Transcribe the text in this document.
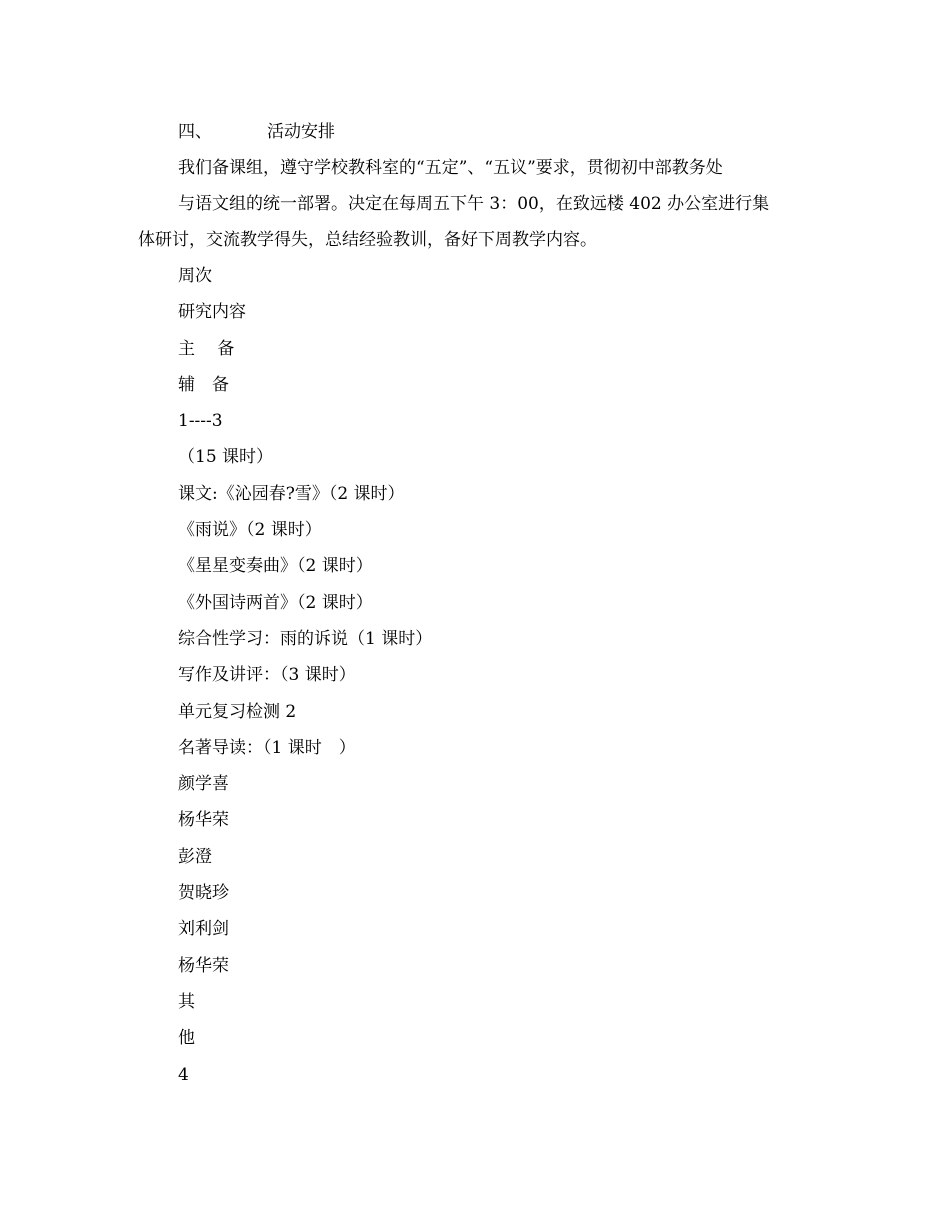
四、	活动安排
我们备课组，遵守学校教科室的“五定”、“五议”要求，贯彻初中部教务处
与语文组的统一部署。决定在每周五下午 3：00，在致远楼 402 办公室进行集
体研讨，交流教学得失，总结经验教训，备好下周教学内容。
周次
研究内容
主　 备
辅　备
1----3
（15 课时）
课文:《沁园春?雪》（2 课时）
《雨说》（2 课时）
《星星变奏曲》（2 课时）
《外国诗两首》（2 课时）
综合性学习：雨的诉说（1 课时）
写作及讲评：（3 课时）
单元复习检测 2
名著导读：（1 课时　）
颜学喜
杨华荣
彭澄
贺晓珍
刘利剑
杨华荣
其
他
4
